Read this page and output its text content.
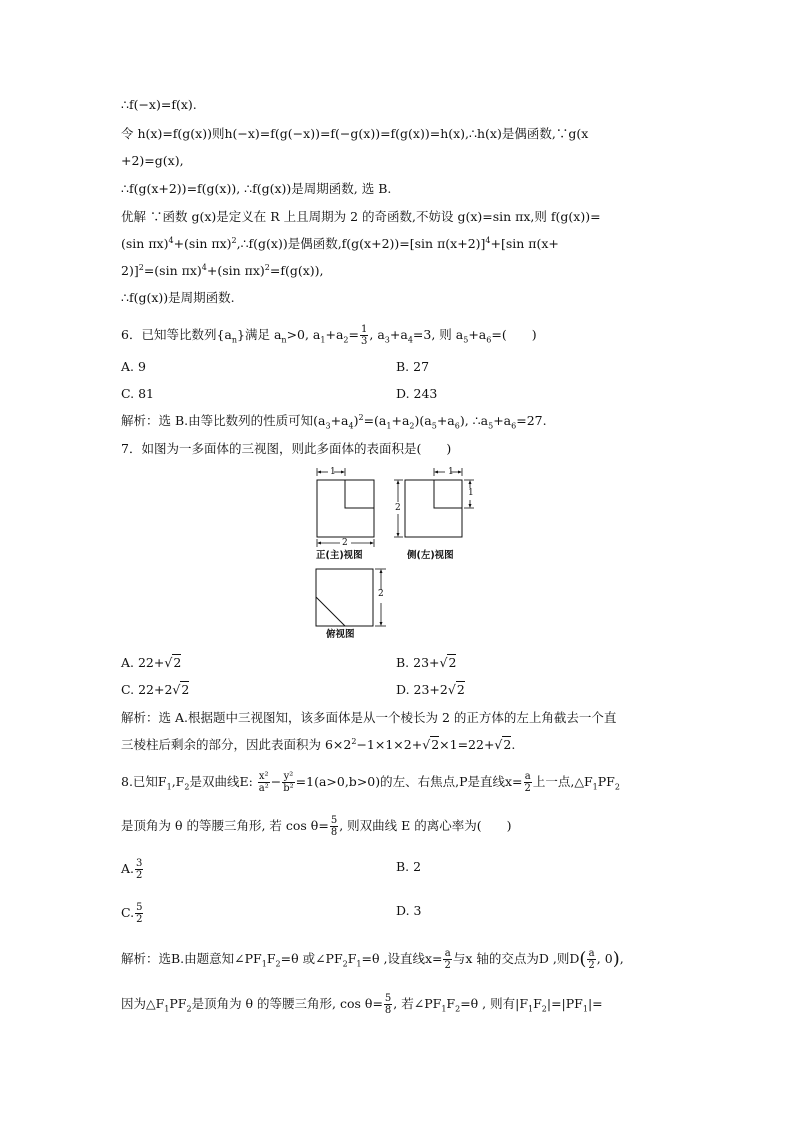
∴f(−x)=f(x).
令 h(x)=f(g(x))则h(−x)=f(g(−x))=f(−g(x))=f(g(x))=h(x),∴h(x)是偶函数,∵g(x
+2)=g(x),
∴f(g(x+2))=f(g(x)), ∴f(g(x))是周期函数, 选 B.
优解 ∵函数 g(x)是定义在 R 上且周期为 2 的奇函数,不妨设 g(x)=sin πx,则 f(g(x))=
(sin πx)$^4$+(sin πx)$^2$,∴f(g(x))是偶函数,f(g(x+2))=[sin π(x+2)]$^4$+[sin π(x+
2)]$^2$=(sin πx)$^4$+(sin πx)$^2$=f(g(x)),
∴f(g(x))是周期函数.
6．已知等比数列$\{a_n\}$满足 $a_n>0$, $a_1+a_2= \frac{1}{3}$ , $a_3+a_4=3$, 则 $a_5+a_6=$(　　)
A. 9	B. 27
C. 81	D. 243
解析：选 B.由等比数列的性质可知$(a_3+a_4)^2=(a_1+a_2)(a_5+a_6)$, $\therefore a_5+a_6=27$.
7．如图为一多面体的三视图，则此多面体的表面积是(　　)
1
2
正(主)视图
1
2
1
侧(左)视图
2
俯视图
A. 22+√2	B. 23+√2
C. 22+2√2	D. 23+2√2
解析：选 A.根据题中三视图知，该多面体是从一个棱长为 2 的正方体的左上角截去一个直
三棱柱后剩余的部分，因此表面积为 $6\times 2^2-1\times 1\times 2+√2\times 1=22+√2$.
8.已知$F_1,F_2$是双曲线E: $\frac{\text{x²}}{\text{a²}} - \frac{\text{y²}}{\text{b²}} =1(a>0,b>0)$的左、右焦点,P是直线$x= \frac{a}{2}$ 上一点$,\triangle F_1PF_2$
是顶角为 θ 的等腰三角形, 若 $\cos \theta= \frac{5}{8}$ , 则双曲线 E 的离心率为(　　)
A. $\frac{3}{2}$	B. 2
C. $\frac{5}{2}$	D. 3
解析：选B.由题意知$\angle PF_1F_2=\theta$ 或$\angle PF_2F_1=\theta$ ,设直线$x= \frac{a}{2}$ 与x 轴的交点为D ,则$D( \frac{a}{2}$ , 0),
因为$\triangle F_1PF_2$是顶角为 θ 的等腰三角形, $\cos \theta= \frac{5}{8}$ , 若$\angle PF_1F_2=\theta$ , 则有$|F_1F_2|=|PF_1|=$
